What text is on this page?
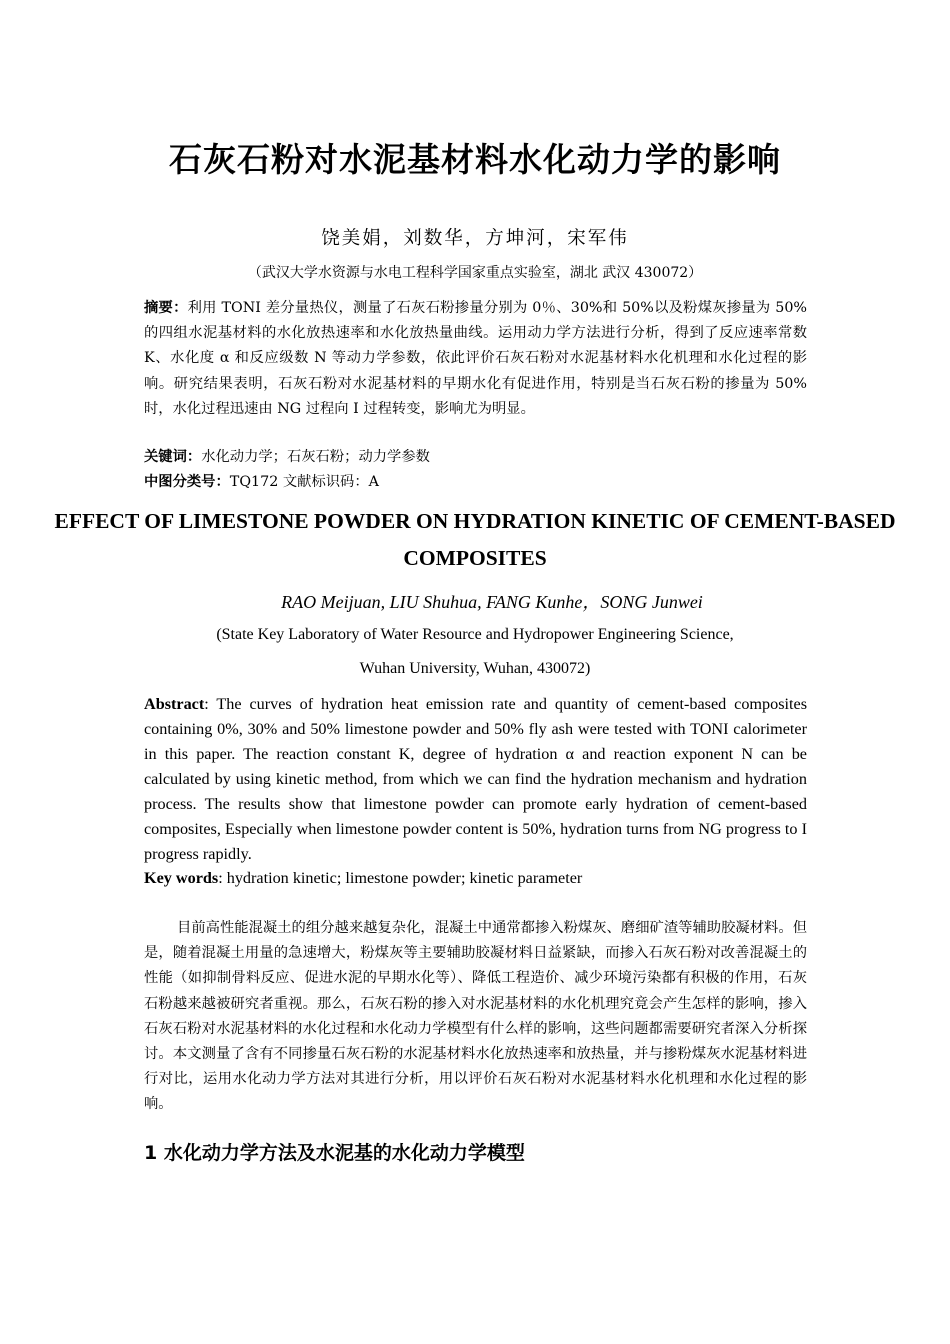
石灰石粉对水泥基材料水化动力学的影响
饶美娟，刘数华，方坤河，宋军伟
（武汉大学水资源与水电工程科学国家重点实验室，湖北 武汉 430072）
摘要：利用 TONI 差分量热仪，测量了石灰石粉掺量分别为 0％、30%和 50%以及粉煤灰掺量为 50%的四组水泥基材料的水化放热速率和水化放热量曲线。运用动力学方法进行分析，得到了反应速率常数 K、水化度 α 和反应级数 N 等动力学参数，依此评价石灰石粉对水泥基材料水化机理和水化过程的影响。研究结果表明，石灰石粉对水泥基材料的早期水化有促进作用，特别是当石灰石粉的掺量为 50%时，水化过程迅速由 NG 过程向 I 过程转变，影响尤为明显。
关键词：水化动力学；石灰石粉；动力学参数
中图分类号：TQ172 文献标识码：A
EFFECT OF LIMESTONE POWDER ON HYDRATION KINETIC OF CEMENT-BASED COMPOSITES
RAO Meijuan, LIU Shuhua, FANG Kunhe，SONG Junwei
(State Key Laboratory of Water Resource and Hydropower Engineering Science,
Wuhan University, Wuhan, 430072)
Abstract: The curves of hydration heat emission rate and quantity of cement-based composites containing 0%, 30% and 50% limestone powder and 50% fly ash were tested with TONI calorimeter in this paper. The reaction constant K, degree of hydration α and reaction exponent N can be calculated by using kinetic method, from which we can find the hydration mechanism and hydration process. The results show that limestone powder can promote early hydration of cement-based composites, Especially when limestone powder content is 50%, hydration turns from NG progress to I progress rapidly.
Key words: hydration kinetic; limestone powder; kinetic parameter
目前高性能混凝土的组分越来越复杂化，混凝土中通常都掺入粉煤灰、磨细矿渣等辅助胶凝材料。但是，随着混凝土用量的急速增大，粉煤灰等主要辅助胶凝材料日益紧缺，而掺入石灰石粉对改善混凝土的性能（如抑制骨料反应、促进水泥的早期水化等）、降低工程造价、减少环境污染都有积极的作用，石灰石粉越来越被研究者重视。那么，石灰石粉的掺入对水泥基材料的水化机理究竟会产生怎样的影响，掺入石灰石粉对水泥基材料的水化过程和水化动力学模型有什么样的影响，这些问题都需要研究者深入分析探讨。本文测量了含有不同掺量石灰石粉的水泥基材料水化放热速率和放热量，并与掺粉煤灰水泥基材料进行对比，运用水化动力学方法对其进行分析，用以评价石灰石粉对水泥基材料水化机理和水化过程的影响。
1 水化动力学方法及水泥基的水化动力学模型
